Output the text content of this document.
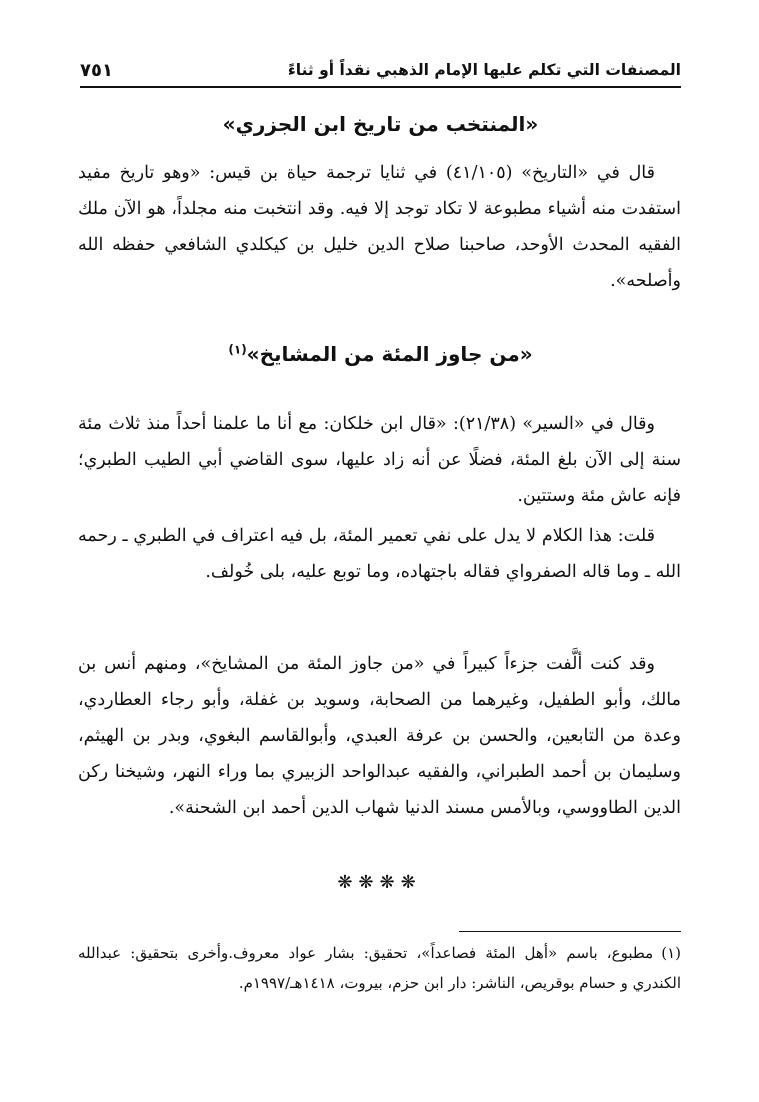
المصنفات التي تكلم عليها الإمام الذهبي نقداً أو ثناءً
٧٥١
«المنتخب من تاريخ ابن الجزري»
قال في «التاريخ» (٤١/١٠٥) في ثنايا ترجمة حياة بن قيس: «وهو تاريخ مفيد استفدت منه أشياء مطبوعة لا تكاد توجد إلا فيه. وقد انتخبت منه مجلداً، هو الآن ملك الفقيه المحدث الأوحد، صاحبنا صلاح الدين خليل بن كيكلدي الشافعي حفظه الله وأصلحه».
«من جاوز المئة من المشايخ»$^{(١)}$
وقال في «السير» (٢١/٣٨): «قال ابن خلكان: مع أنا ما علمنا أحداً منذ ثلاث مئة سنة إلى الآن بلغ المئة، فضلًا عن أنه زاد عليها، سوى القاضي أبي الطيب الطبري؛ فإنه عاش مئة وستتين.
قلت: هذا الكلام لا يدل على نفي تعمير المئة، بل فيه اعتراف في الطبري ـ رحمه الله ـ وما قاله الصفرواي فقاله باجتهاده، وما توبع عليه، بلى خُولف.
وقد كنت ألَّفت جزءاً كبيراً في «من جاوز المئة من المشايخ»، ومنهم أنس بن مالك، وأبو الطفيل، وغيرهما من الصحابة، وسويد بن غفلة، وأبو رجاء العطاردي، وعدة من التابعين، والحسن بن عرفة العبدي، وأبوالقاسم البغوي، وبدر بن الهيثم، وسليمان بن أحمد الطبراني، والفقيه عبدالواحد الزبيري بما وراء النهر، وشيخنا ركن الدين الطاووسي، وبالأمس مسند الدنيا شهاب الدين أحمد ابن الشحنة».
❋❋❋❋
(١)مطبوع، باسم «أهل المئة فصاعداً»، تحقيق: بشار عواد معروف.وأخرى بتحقيق: عبدالله الكندري و حسام بوقريص، الناشر: دار ابن حزم، بيروت، ١٤١٨هـ/١٩٩٧م.
